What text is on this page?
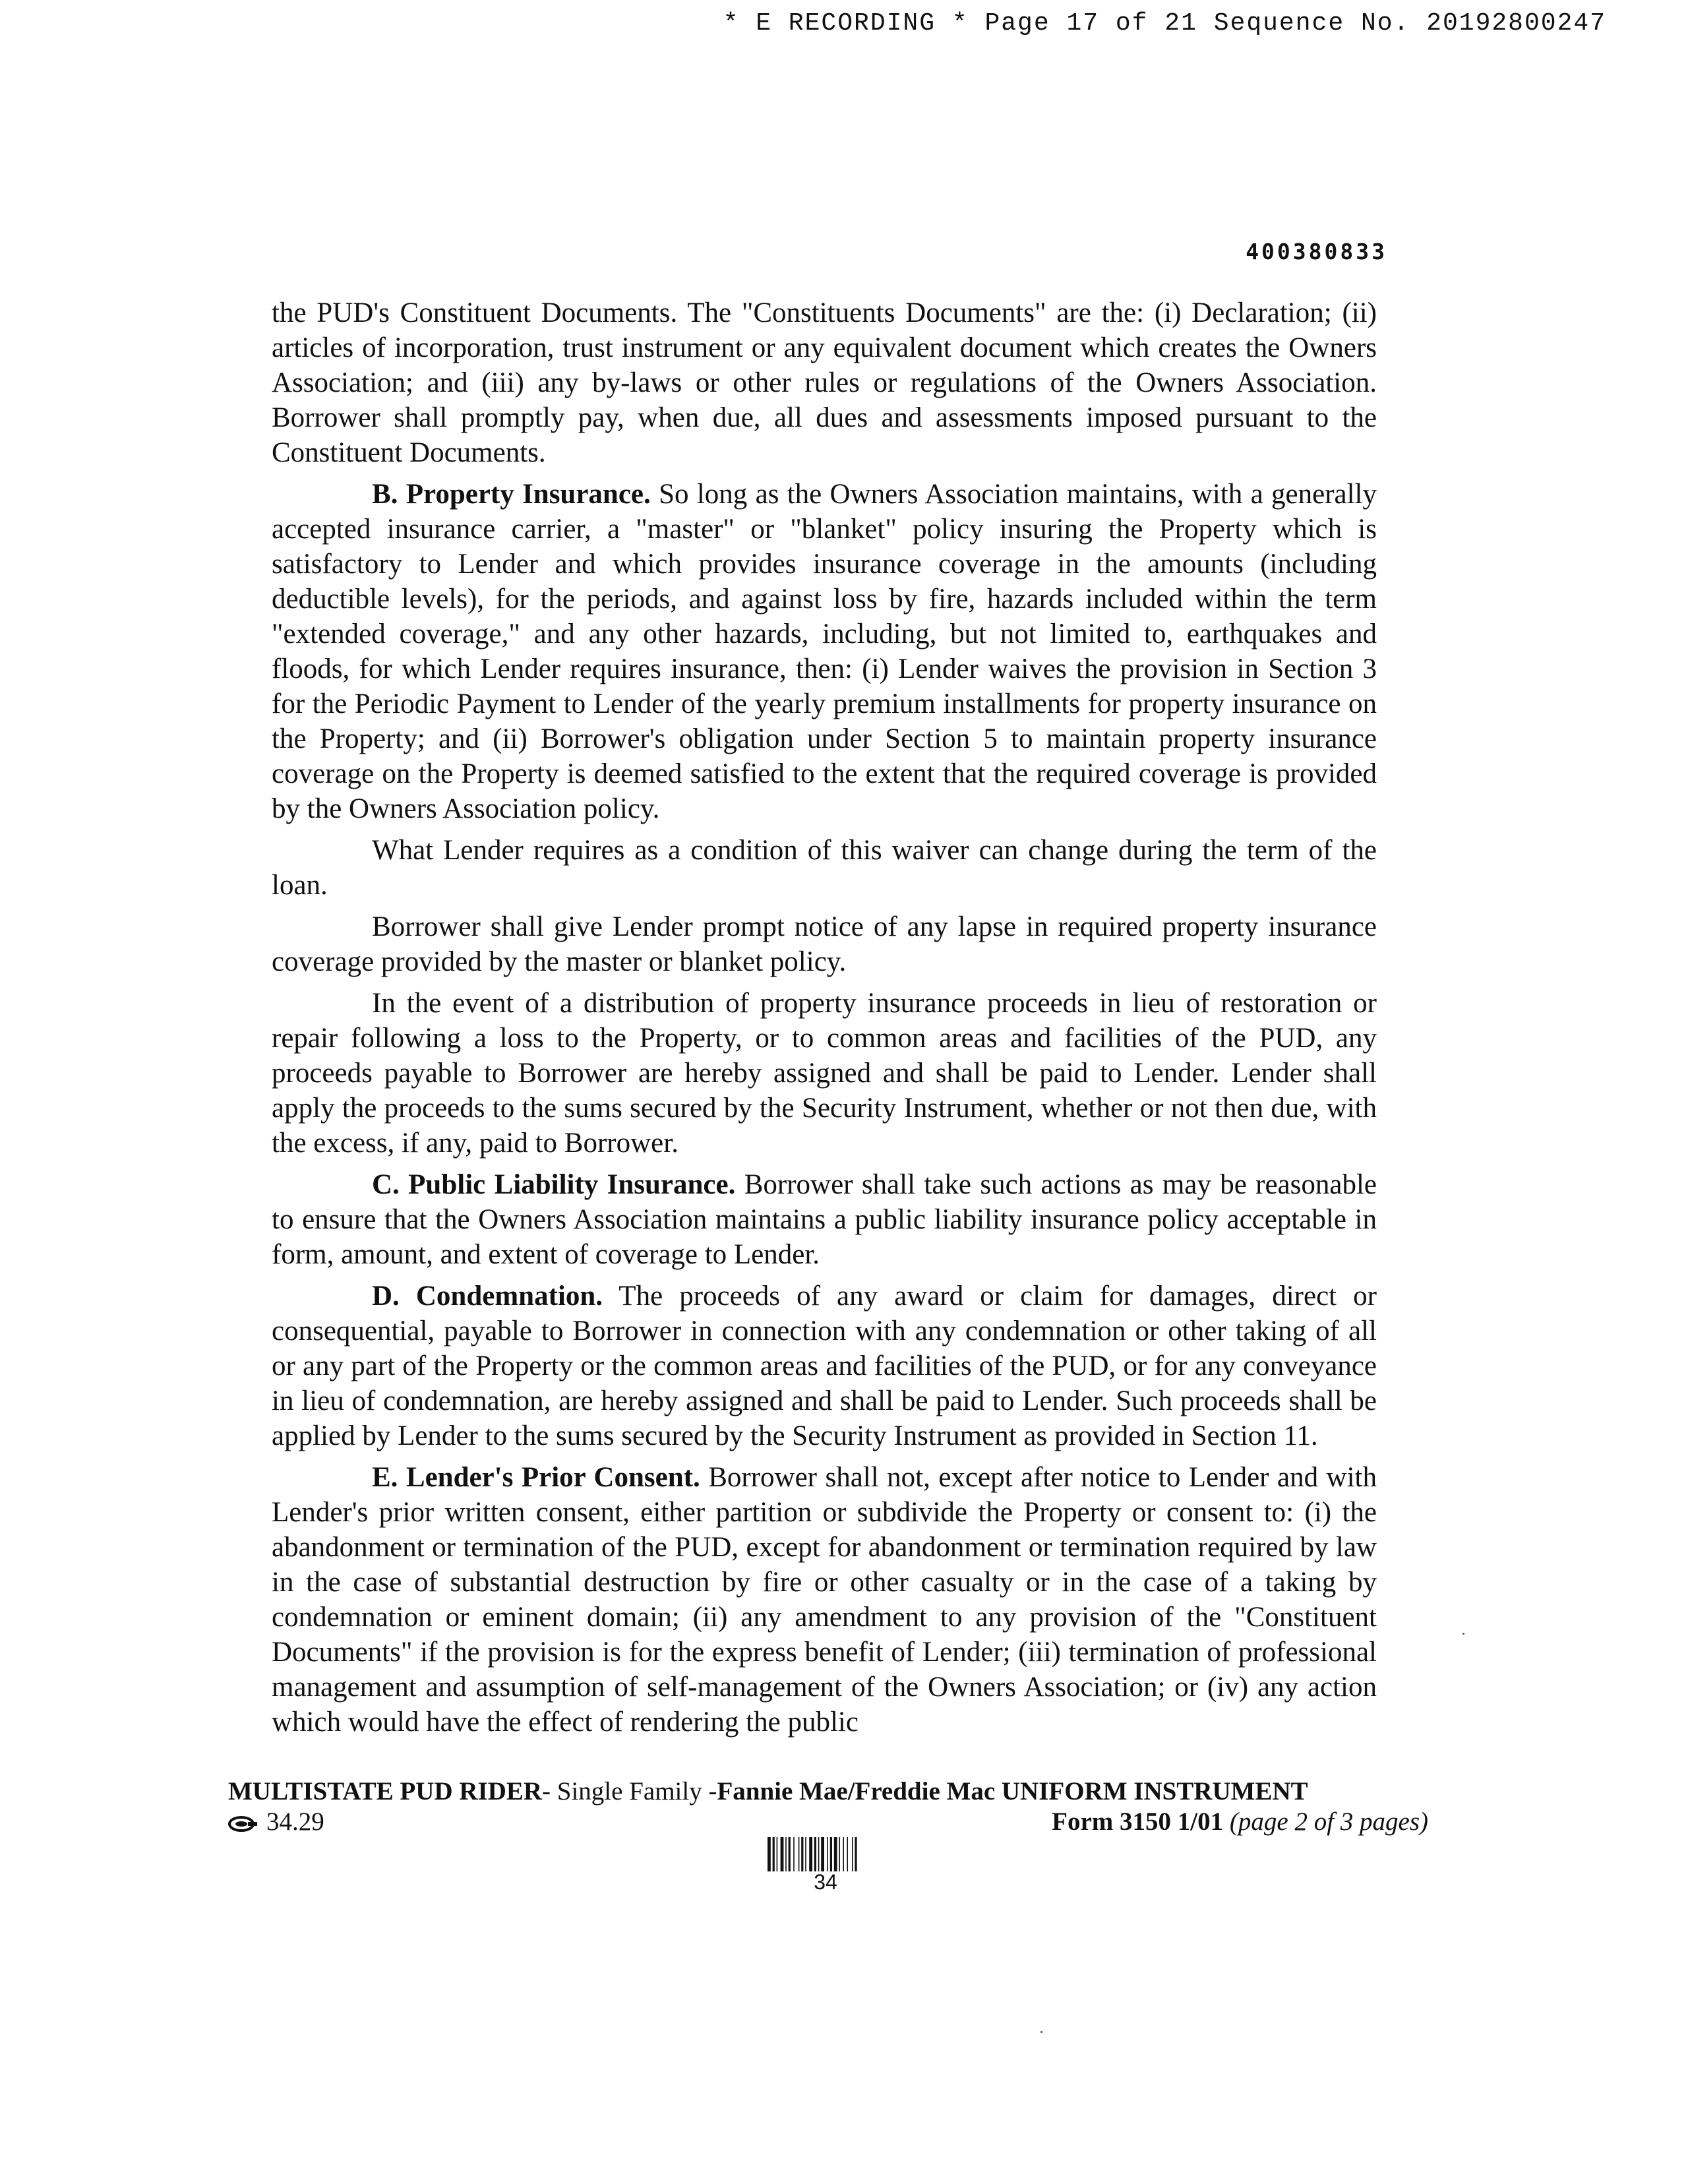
* E RECORDING * Page 17 of 21 Sequence No. 20192800247
400380833

the PUD's Constituent Documents. The "Constituents Documents" are the: (i) Declaration; (ii) articles of incorporation, trust instrument or any equivalent document which creates the Owners Association; and (iii) any by-laws or other rules or regulations of the Owners Association. Borrower shall promptly pay, when due, all dues and assessments imposed pursuant to the Constituent Documents.

B. Property Insurance. So long as the Owners Association maintains, with a generally accepted insurance carrier, a "master" or "blanket" policy insuring the Property which is satisfactory to Lender and which provides insurance coverage in the amounts (including deductible levels), for the periods, and against loss by fire, hazards included within the term "extended coverage," and any other hazards, including, but not limited to, earthquakes and floods, for which Lender requires insurance, then: (i) Lender waives the provision in Section 3 for the Periodic Payment to Lender of the yearly premium installments for property insurance on the Property; and (ii) Borrower's obligation under Section 5 to maintain property insurance coverage on the Property is deemed satisfied to the extent that the required coverage is provided by the Owners Association policy.

What Lender requires as a condition of this waiver can change during the term of the loan.

Borrower shall give Lender prompt notice of any lapse in required property insurance coverage provided by the master or blanket policy.

In the event of a distribution of property insurance proceeds in lieu of restoration or repair following a loss to the Property, or to common areas and facilities of the PUD, any proceeds payable to Borrower are hereby assigned and shall be paid to Lender. Lender shall apply the proceeds to the sums secured by the Security Instrument, whether or not then due, with the excess, if any, paid to Borrower.

C. Public Liability Insurance. Borrower shall take such actions as may be reasonable to ensure that the Owners Association maintains a public liability insurance policy acceptable in form, amount, and extent of coverage to Lender.

D. Condemnation. The proceeds of any award or claim for damages, direct or consequential, payable to Borrower in connection with any condemnation or other taking of all or any part of the Property or the common areas and facilities of the PUD, or for any conveyance in lieu of condemnation, are hereby assigned and shall be paid to Lender. Such proceeds shall be applied by Lender to the sums secured by the Security Instrument as provided in Section 11.

E. Lender's Prior Consent. Borrower shall not, except after notice to Lender and with Lender's prior written consent, either partition or subdivide the Property or consent to: (i) the abandonment or termination of the PUD, except for abandonment or termination required by law in the case of substantial destruction by fire or other casualty or in the case of a taking by condemnation or eminent domain; (ii) any amendment to any provision of the "Constituent Documents" if the provision is for the express benefit of Lender; (iii) termination of professional management and assumption of self-management of the Owners Association; or (iv) any action which would have the effect of rendering the public

MULTISTATE PUD RIDER- Single Family -Fannie Mae/Freddie Mac UNIFORM INSTRUMENT
34.29	Form 3150 1/01 (page 2 of 3 pages)
34
